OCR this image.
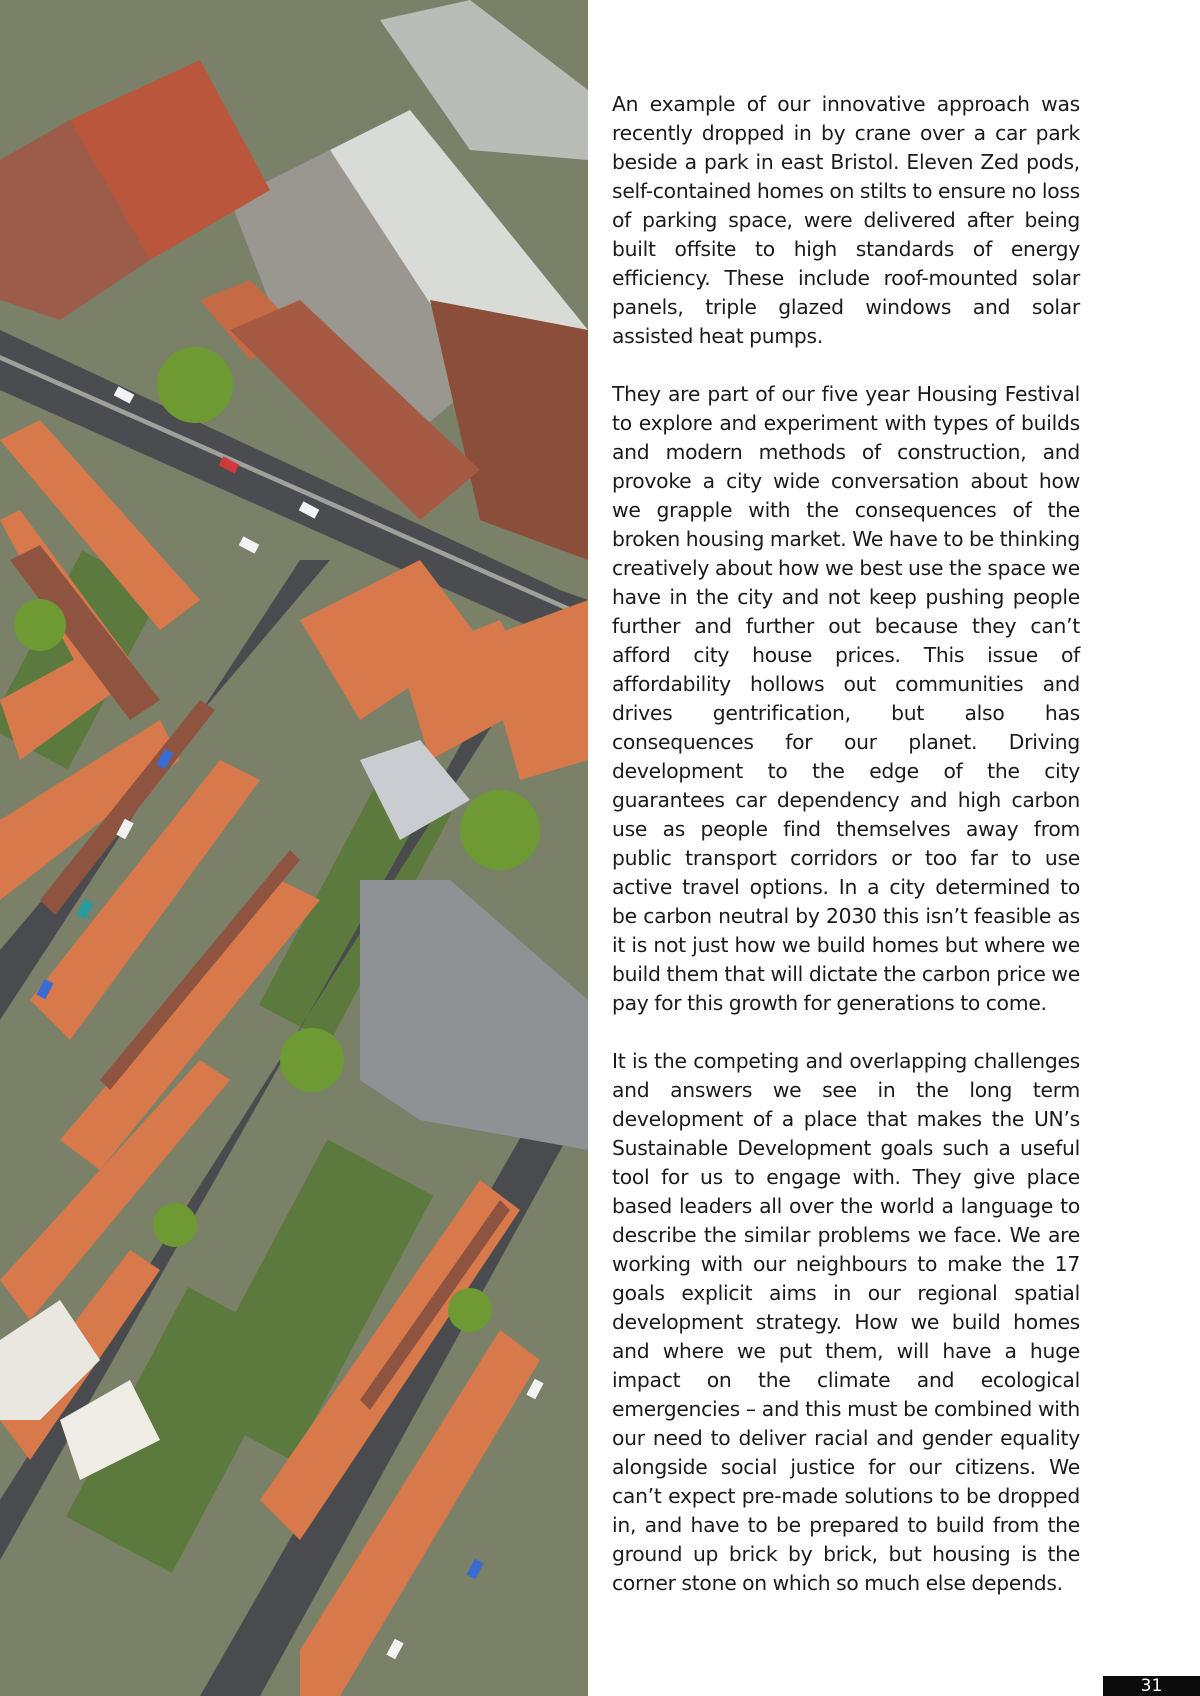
An example of our innovative approach was recently dropped in by crane over a car park beside a park in east Bristol. Eleven Zed pods, self-contained homes on stilts to ensure no loss of parking space, were delivered after being built offsite to high standards of energy efficiency. These include roof-mounted solar panels, triple glazed windows and solar assisted heat pumps.

They are part of our five year Housing Festival to explore and experiment with types of builds and modern methods of construction, and provoke a city wide conversation about how we grapple with the consequences of the broken housing market. We have to be thinking creatively about how we best use the space we have in the city and not keep pushing people further and further out because they can’t afford city house prices. This issue of affordability hollows out communities and drives gentrification, but also has consequences for our planet. Driving development to the edge of the city guarantees car dependency and high carbon use as people find themselves away from public transport corridors or too far to use active travel options. In a city determined to be carbon neutral by 2030 this isn’t feasible as it is not just how we build homes but where we build them that will dictate the carbon price we pay for this growth for generations to come.

It is the competing and overlapping challenges and answers we see in the long term development of a place that makes the UN’s Sustainable Development goals such a useful tool for us to engage with. They give place based leaders all over the world a language to describe the similar problems we face. We are working with our neighbours to make the 17 goals explicit aims in our regional spatial development strategy. How we build homes and where we put them, will have a huge impact on the climate and ecological emergencies – and this must be combined with our need to deliver racial and gender equality alongside social justice for our citizens. We can’t expect pre-made solutions to be dropped in, and have to be prepared to build from the ground up brick by brick, but housing is the corner stone on which so much else depends.

31
